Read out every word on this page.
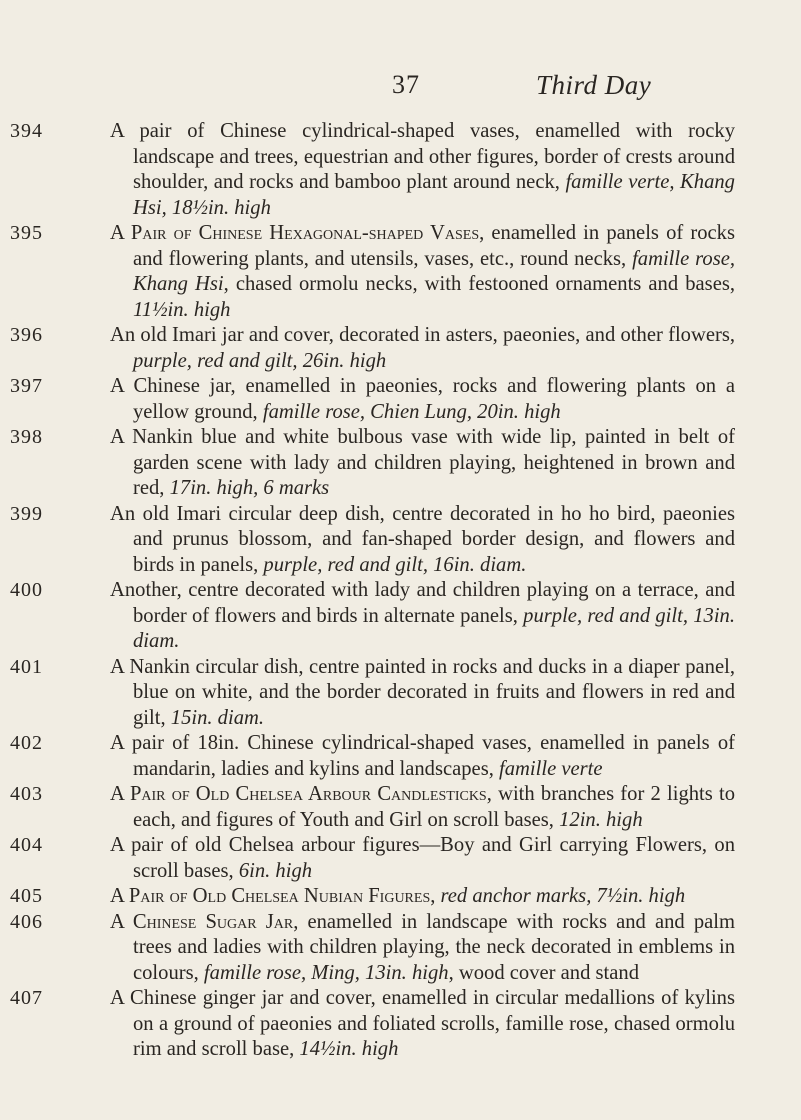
37	Third Day
394	A pair of Chinese cylindrical-shaped vases, enamelled with rocky landscape and trees, equestrian and other figures, border of crests around shoulder, and rocks and bamboo plant around neck, famille verte, Khang Hsi, 18½in. high

395	A Pair of Chinese Hexagonal-shaped Vases, enamelled in panels of rocks and flowering plants, and utensils, vases, etc., round necks, famille rose, Khang Hsi, chased ormolu necks, with festooned ornaments and bases, 11½in. high

396	An old Imari jar and cover, decorated in asters, paeonies, and other flowers, purple, red and gilt, 26in. high

397	A Chinese jar, enamelled in paeonies, rocks and flowering plants on a yellow ground, famille rose, Chien Lung, 20in. high

398	A Nankin blue and white bulbous vase with wide lip, painted in belt of garden scene with lady and children playing, heightened in brown and red, 17in. high, 6 marks

399	An old Imari circular deep dish, centre decorated in ho ho bird, paeonies and prunus blossom, and fan-shaped border design, and flowers and birds in panels, purple, red and gilt, 16in. diam.

400	Another, centre decorated with lady and children playing on a terrace, and border of flowers and birds in alternate panels, purple, red and gilt, 13in. diam.

401	A Nankin circular dish, centre painted in rocks and ducks in a diaper panel, blue on white, and the border decorated in fruits and flowers in red and gilt, 15in. diam.

402	A pair of 18in. Chinese cylindrical-shaped vases, enamelled in panels of mandarin, ladies and kylins and landscapes, famille verte

403	A Pair of Old Chelsea Arbour Candlesticks, with branches for 2 lights to each, and figures of Youth and Girl on scroll bases, 12in. high

404	A pair of old Chelsea arbour figures—Boy and Girl carrying Flowers, on scroll bases, 6in. high

405	A Pair of Old Chelsea Nubian Figures, red anchor marks, 7½in. high

406	A Chinese Sugar Jar, enamelled in landscape with rocks and and palm trees and ladies with children playing, the neck decorated in emblems in colours, famille rose, Ming, 13in. high, wood cover and stand

407	A Chinese ginger jar and cover, enamelled in circular medallions of kylins on a ground of paeonies and foliated scrolls, famille rose, chased ormolu rim and scroll base, 14½in. high
